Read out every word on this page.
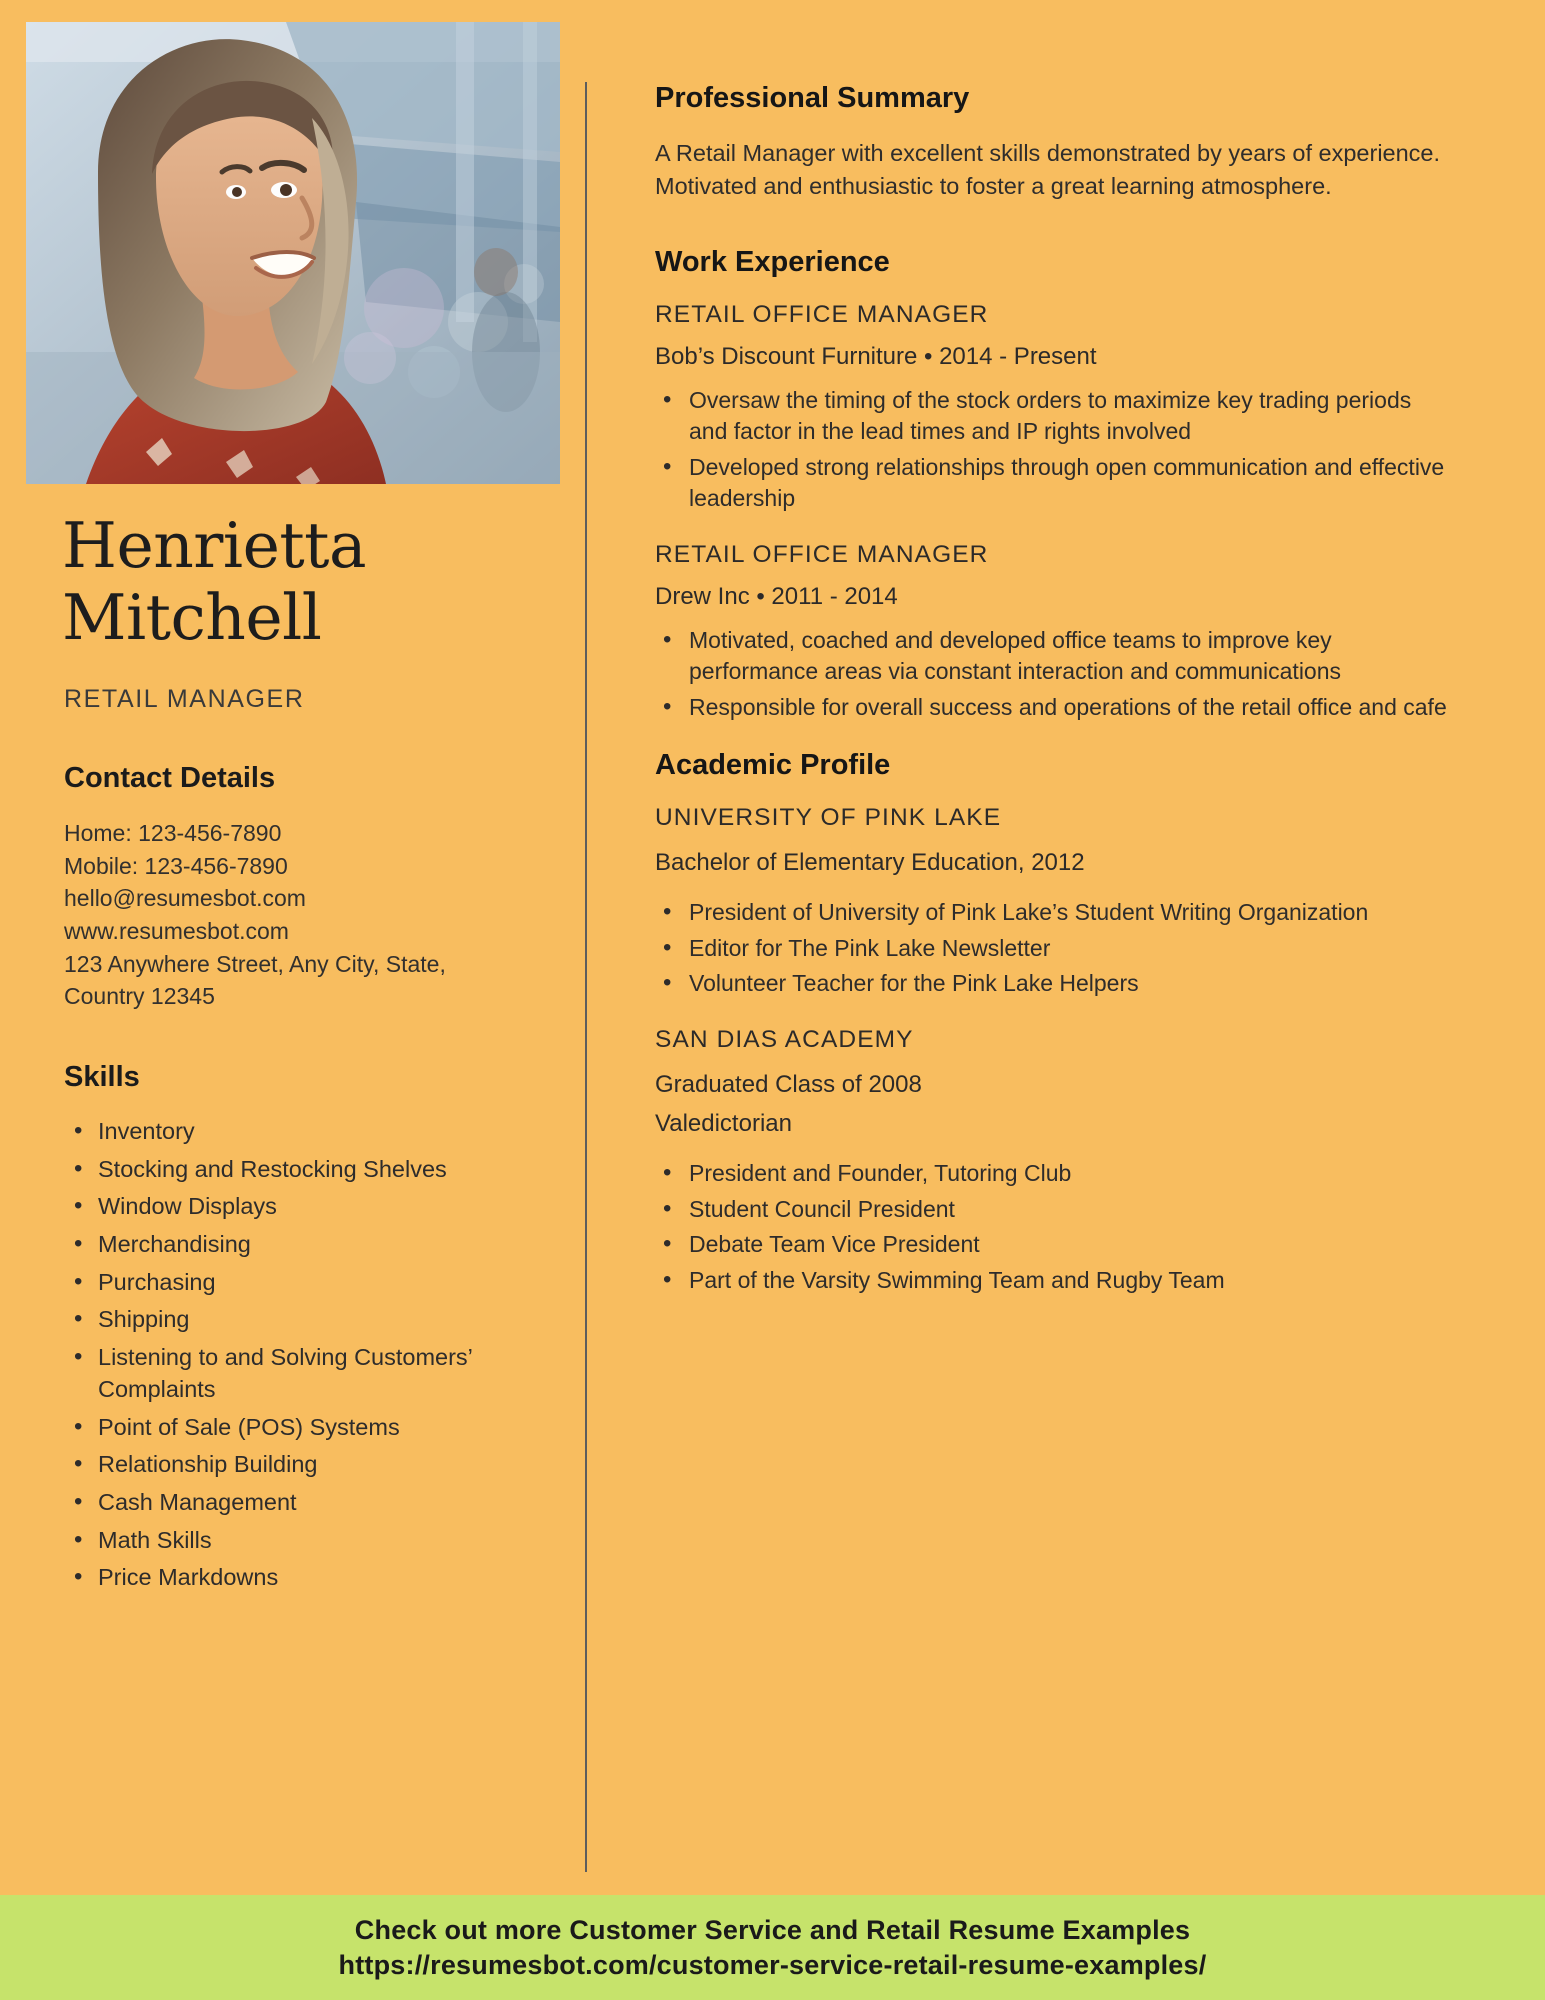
Henrietta
Mitchell
RETAIL MANAGER
Contact Details
Home: 123-456-7890
Mobile: 123-456-7890
hello@resumesbot.com
www.resumesbot.com
123 Anywhere Street, Any City, State,
Country 12345
Skills
• Inventory
• Stocking and Restocking Shelves
• Window Displays
• Merchandising
• Purchasing
• Shipping
• Listening to and Solving Customers’ Complaints
• Point of Sale (POS) Systems
• Relationship Building
• Cash Management
• Math Skills
• Price Markdowns
Professional Summary
A Retail Manager with excellent skills demonstrated by years of experience. Motivated and enthusiastic to foster a great learning atmosphere.
Work Experience
RETAIL OFFICE MANAGER
Bob’s Discount Furniture • 2014 - Present
• Oversaw the timing of the stock orders to maximize key trading periods and factor in the lead times and IP rights involved
• Developed strong relationships through open communication and effective leadership
RETAIL OFFICE MANAGER
Drew Inc • 2011 - 2014
• Motivated, coached and developed office teams to improve key performance areas via constant interaction and communications
• Responsible for overall success and operations of the retail office and cafe
Academic Profile
UNIVERSITY OF PINK LAKE
Bachelor of Elementary Education, 2012
• President of University of Pink Lake’s Student Writing Organization
• Editor for The Pink Lake Newsletter
• Volunteer Teacher for the Pink Lake Helpers
SAN DIAS ACADEMY
Graduated Class of 2008
Valedictorian
• President and Founder, Tutoring Club
• Student Council President
• Debate Team Vice President
• Part of the Varsity Swimming Team and Rugby Team
Check out more Customer Service and Retail Resume Examples
https://resumesbot.com/customer-service-retail-resume-examples/
